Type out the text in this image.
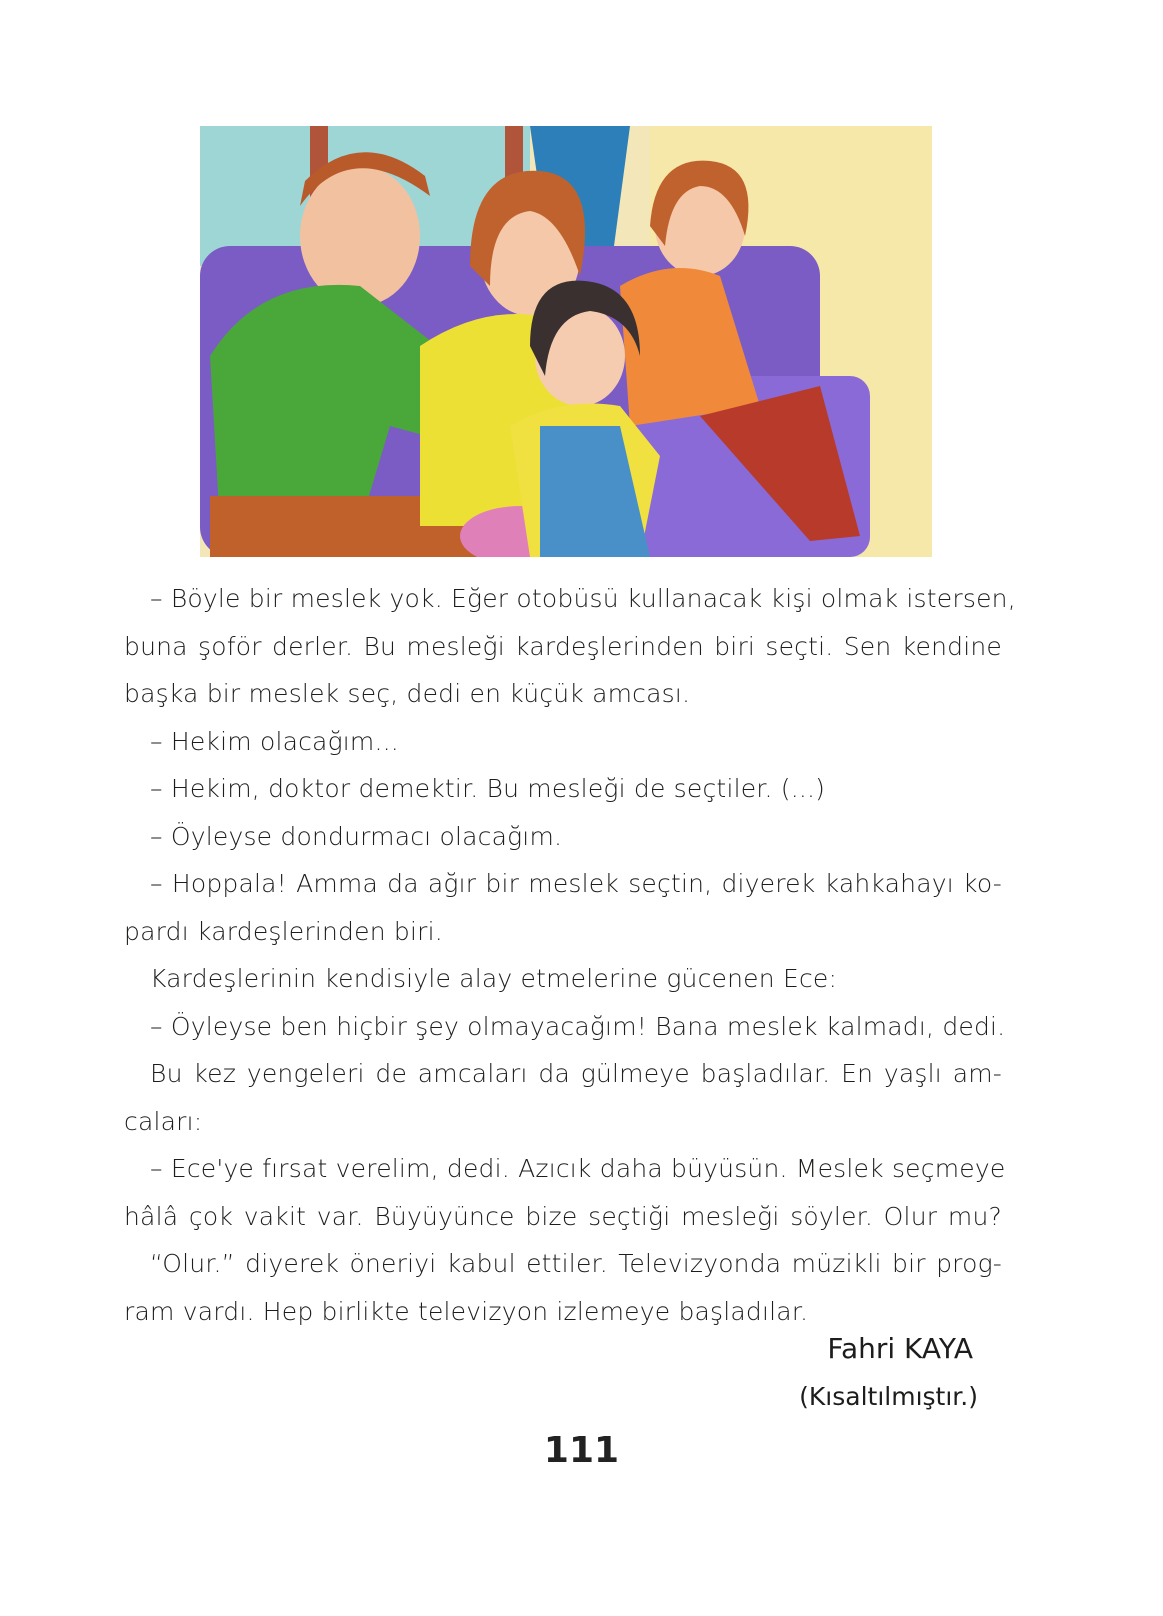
– Böyle bir meslek yok. Eğer otobüsü kullanacak kişi olmak istersen,
buna şoför derler. Bu mesleği kardeşlerinden biri seçti. Sen kendine
başka bir meslek seç, dedi en küçük amcası.
– Hekim olacağım...
– Hekim, doktor demektir. Bu mesleği de seçtiler. (...)
– Öyleyse dondurmacı olacağım.
– Hoppala! Amma da ağır bir meslek seçtin, diyerek kahkahayı ko-
pardı kardeşlerinden biri.
Kardeşlerinin kendisiyle alay etmelerine gücenen Ece:
– Öyleyse ben hiçbir şey olmayacağım! Bana meslek kalmadı, dedi.
Bu kez yengeleri de amcaları da gülmeye başladılar. En yaşlı am-
caları:
– Ece'ye fırsat verelim, dedi. Azıcık daha büyüsün. Meslek seçmeye
hâlâ çok vakit var. Büyüyünce bize seçtiği mesleği söyler. Olur mu?
“Olur.” diyerek öneriyi kabul ettiler. Televizyonda müzikli bir prog-
ram vardı. Hep birlikte televizyon izlemeye başladılar.
Fahri KAYA
(Kısaltılmıştır.)
111
